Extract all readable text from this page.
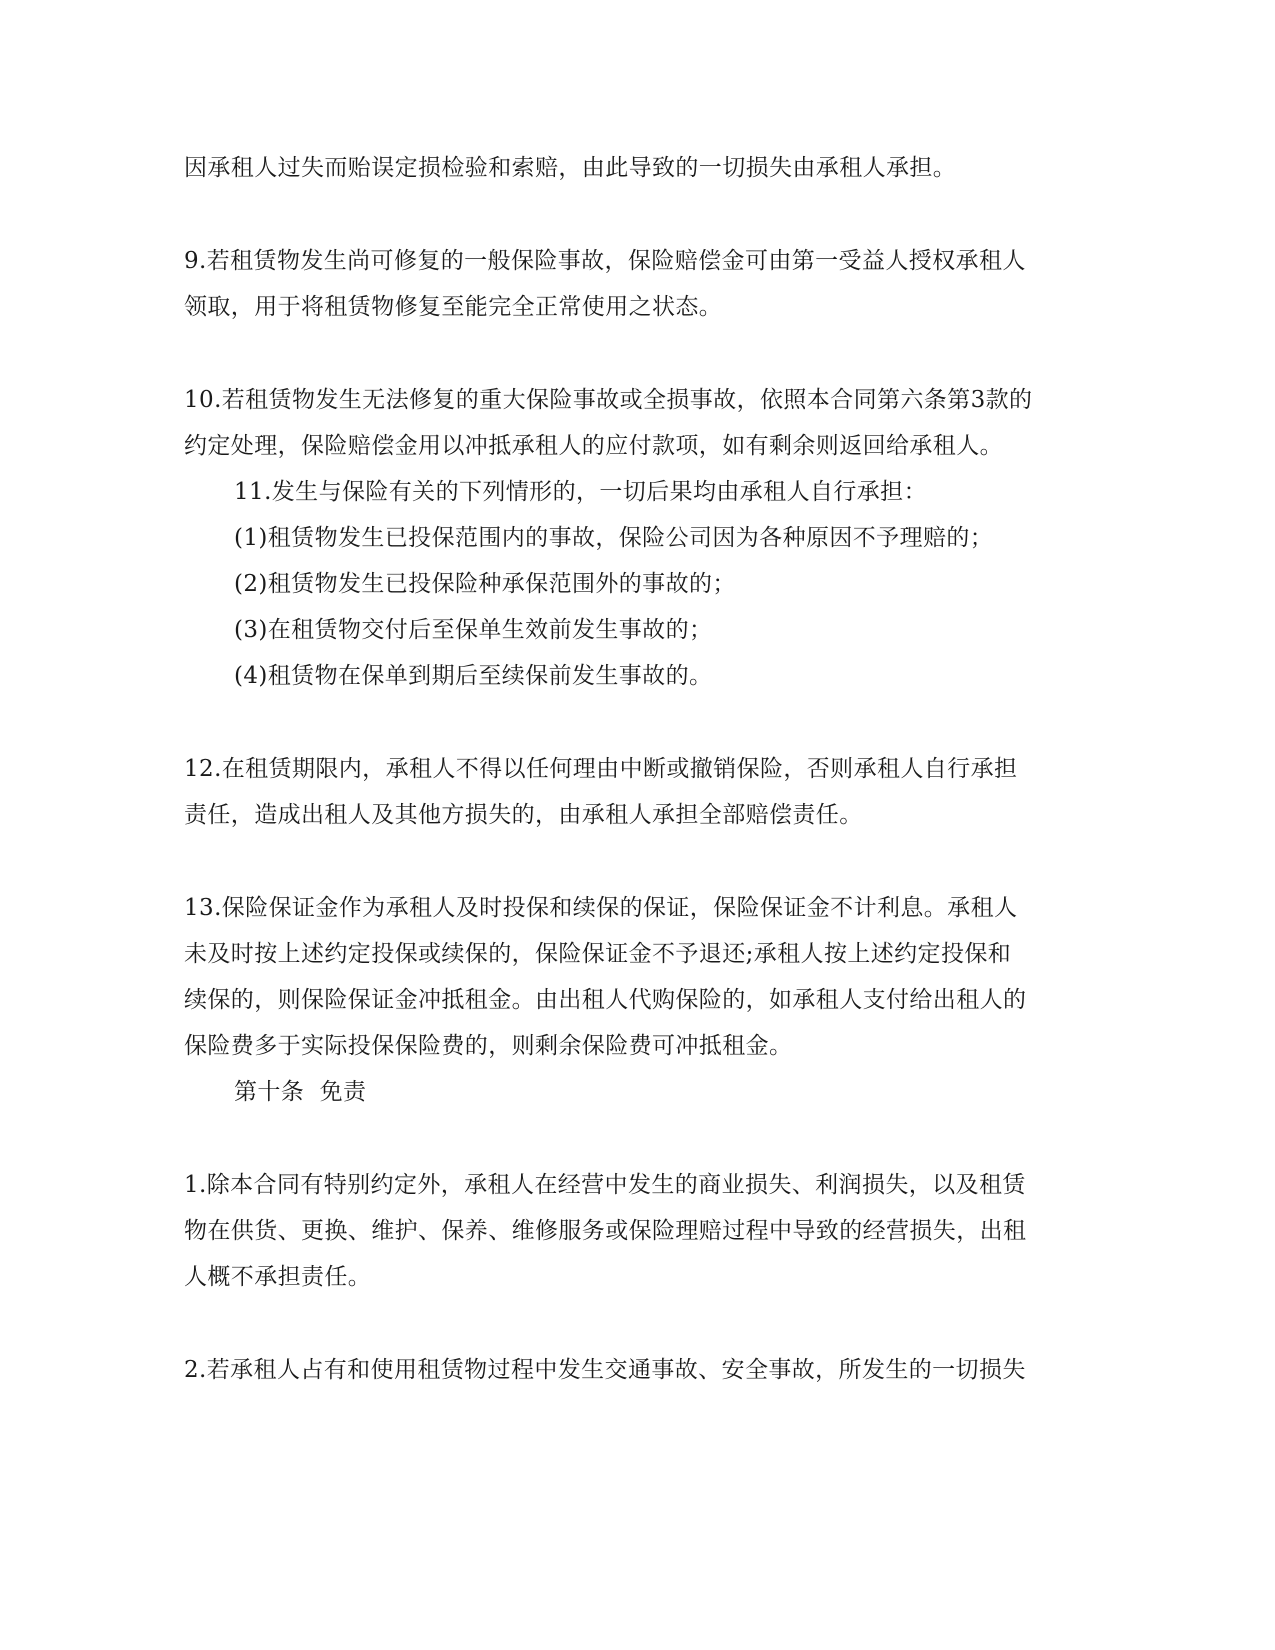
因承租人过失而贻误定损检验和索赔，由此导致的一切损失由承租人承担。
9.若租赁物发生尚可修复的一般保险事故，保险赔偿金可由第一受益人授权承租人
领取，用于将租赁物修复至能完全正常使用之状态。
10.若租赁物发生无法修复的重大保险事故或全损事故，依照本合同第六条第3款的
约定处理，保险赔偿金用以冲抵承租人的应付款项，如有剩余则返回给承租人。
11.发生与保险有关的下列情形的，一切后果均由承租人自行承担：
(1)租赁物发生已投保范围内的事故，保险公司因为各种原因不予理赔的；
(2)租赁物发生已投保险种承保范围外的事故的；
(3)在租赁物交付后至保单生效前发生事故的；
(4)租赁物在保单到期后至续保前发生事故的。
12.在租赁期限内，承租人不得以任何理由中断或撤销保险，否则承租人自行承担
责任，造成出租人及其他方损失的，由承租人承担全部赔偿责任。
13.保险保证金作为承租人及时投保和续保的保证，保险保证金不计利息。承租人
未及时按上述约定投保或续保的，保险保证金不予退还;承租人按上述约定投保和
续保的，则保险保证金冲抵租金。由出租人代购保险的，如承租人支付给出租人的
保险费多于实际投保保险费的，则剩余保险费可冲抵租金。
第十条  免责
1.除本合同有特别约定外，承租人在经营中发生的商业损失、利润损失，以及租赁
物在供货、更换、维护、保养、维修服务或保险理赔过程中导致的经营损失，出租
人概不承担责任。
2.若承租人占有和使用租赁物过程中发生交通事故、安全事故，所发生的一切损失
